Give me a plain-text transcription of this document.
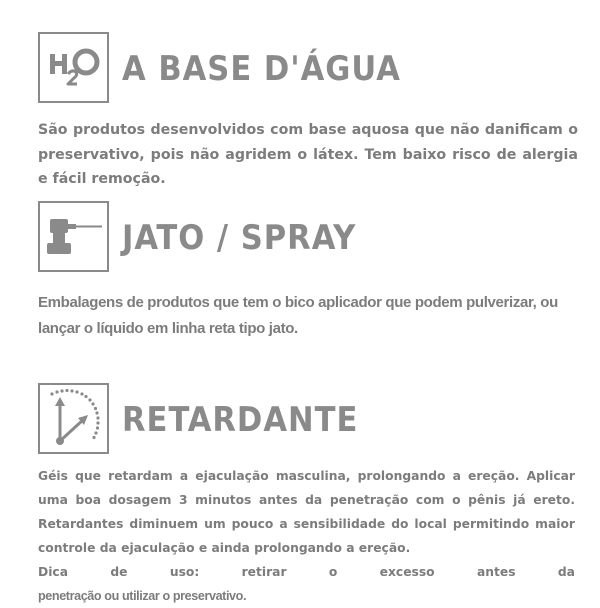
A BASE D'ÁGUA

São produtos desenvolvidos com base aquosa que não danificam o preservativo, pois não agridem o látex. Tem baixo risco de alergia e fácil remoção.

JATO / SPRAY

Embalagens de produtos que tem o bico aplicador que podem pulverizar, ou lançar o líquido em linha reta tipo jato.

RETARDANTE
Géis que retardam a ejaculação masculina, prolongando a ereção. Aplicar uma boa dosagem 3 minutos antes da penetração com o pênis já ereto. Retardantes diminuem um pouco a sensibilidade do local permitindo maior controle da ejaculação e ainda prolongando a ereção.
Dica de uso: retirar o excesso antes da
penetração ou utilizar o preservativo.
